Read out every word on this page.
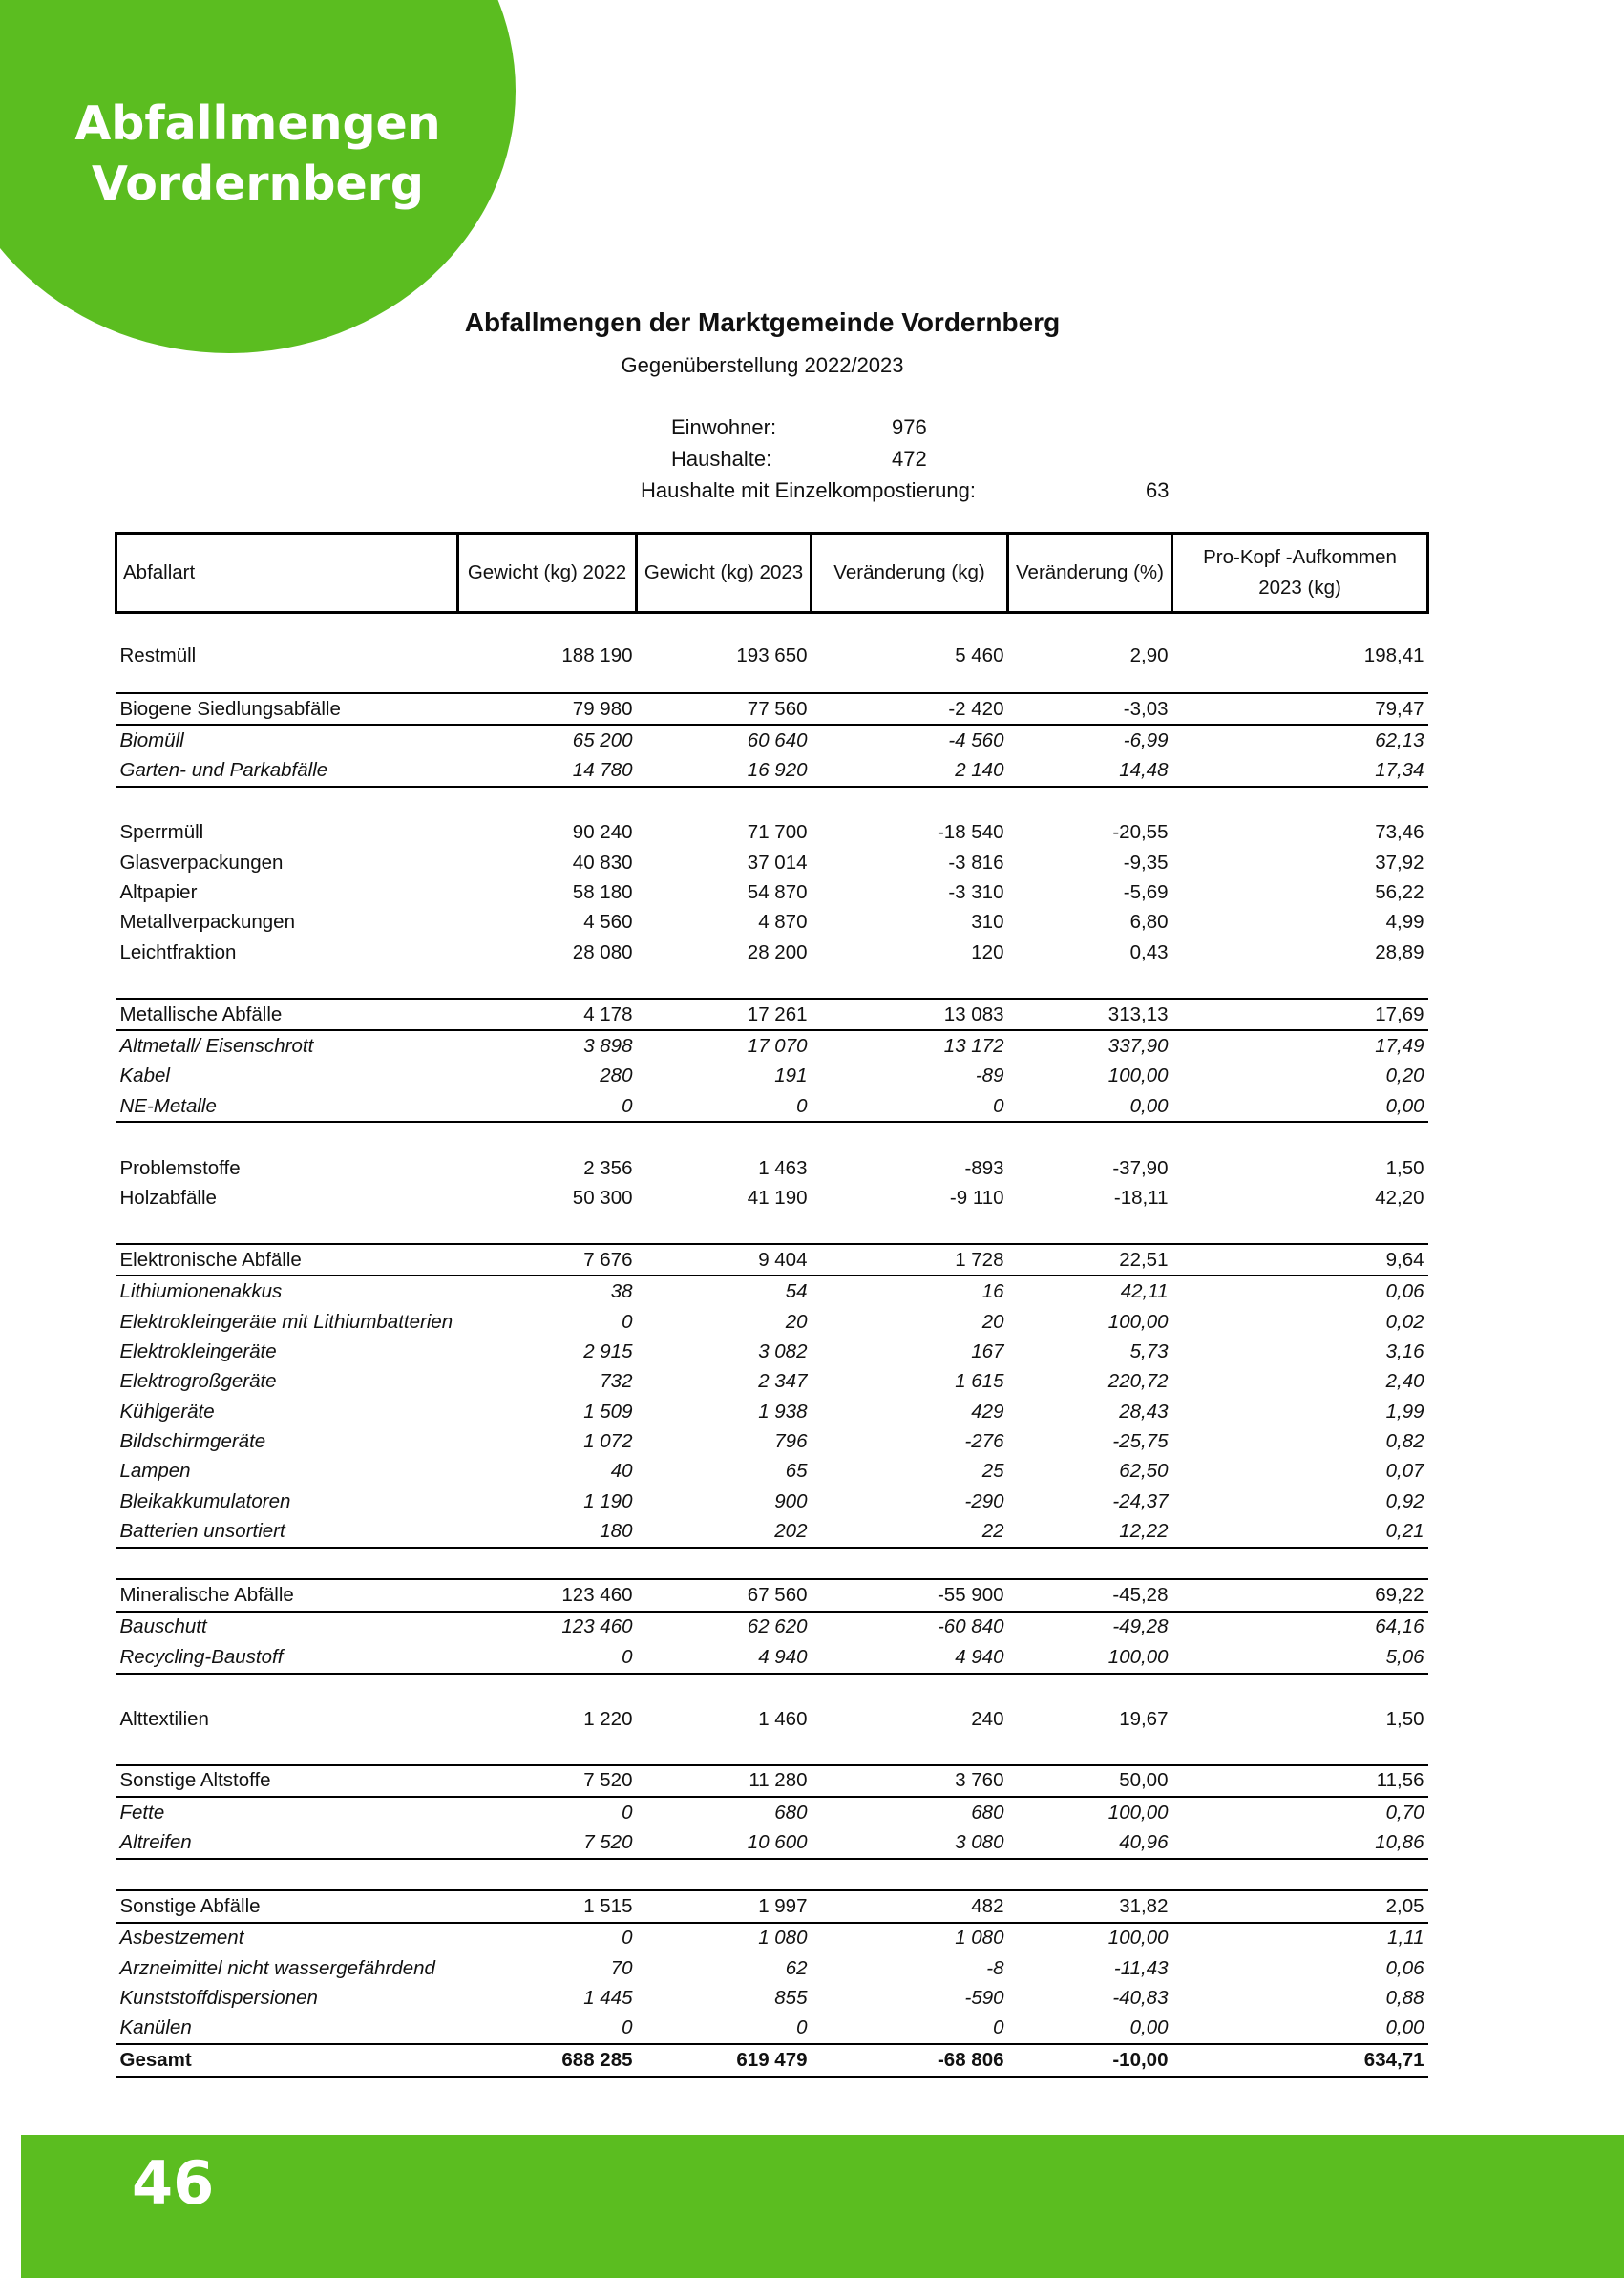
Abfallmengen
Vordernberg
Abfallmengen der Marktgemeinde Vordernberg
Gegenüberstellung 2022/2023
Einwohner:	976
Haushalte:	472
Haushalte mit Einzelkompostierung:	63
Abfallart	Gewicht (kg) 2022	Gewicht (kg) 2023	Veränderung (kg)	Veränderung (%)	Pro-Kopf -Aufkommen 2023 (kg)
Restmüll	188 190	193 650	5 460	2,90	198,41

Biogene Siedlungsabfälle	79 980	77 560	-2 420	-3,03	79,47
Biomüll	65 200	60 640	-4 560	-6,99	62,13
Garten- und Parkabfälle	14 780	16 920	2 140	14,48	17,34

Sperrmüll	90 240	71 700	-18 540	-20,55	73,46
Glasverpackungen	40 830	37 014	-3 816	-9,35	37,92
Altpapier	58 180	54 870	-3 310	-5,69	56,22
Metallverpackungen	4 560	4 870	310	6,80	4,99
Leichtfraktion	28 080	28 200	120	0,43	28,89

Metallische Abfälle	4 178	17 261	13 083	313,13	17,69
Altmetall/ Eisenschrott	3 898	17 070	13 172	337,90	17,49
Kabel	280	191	-89	100,00	0,20
NE-Metalle	0	0	0	0,00	0,00

Problemstoffe	2 356	1 463	-893	-37,90	1,50
Holzabfälle	50 300	41 190	-9 110	-18,11	42,20

Elektronische Abfälle	7 676	9 404	1 728	22,51	9,64
Lithiumionenakkus	38	54	16	42,11	0,06
Elektrokleingeräte mit Lithiumbatterien	0	20	20	100,00	0,02
Elektrokleingeräte	2 915	3 082	167	5,73	3,16
Elektrogroßgeräte	732	2 347	1 615	220,72	2,40
Kühlgeräte	1 509	1 938	429	28,43	1,99
Bildschirmgeräte	1 072	796	-276	-25,75	0,82
Lampen	40	65	25	62,50	0,07
Bleikakkumulatoren	1 190	900	-290	-24,37	0,92
Batterien unsortiert	180	202	22	12,22	0,21

Mineralische Abfälle	123 460	67 560	-55 900	-45,28	69,22
Bauschutt	123 460	62 620	-60 840	-49,28	64,16
Recycling-Baustoff	0	4 940	4 940	100,00	5,06

Alttextilien	1 220	1 460	240	19,67	1,50

Sonstige Altstoffe	7 520	11 280	3 760	50,00	11,56
Fette	0	680	680	100,00	0,70
Altreifen	7 520	10 600	3 080	40,96	10,86

Sonstige Abfälle	1 515	1 997	482	31,82	2,05
Asbestzement	0	1 080	1 080	100,00	1,11
Arzneimittel nicht wassergefährdend	70	62	-8	-11,43	0,06
Kunststoffdispersionen	1 445	855	-590	-40,83	0,88
Kanülen	0	0	0	0,00	0,00
Gesamt	688 285	619 479	-68 806	-10,00	634,71
46
